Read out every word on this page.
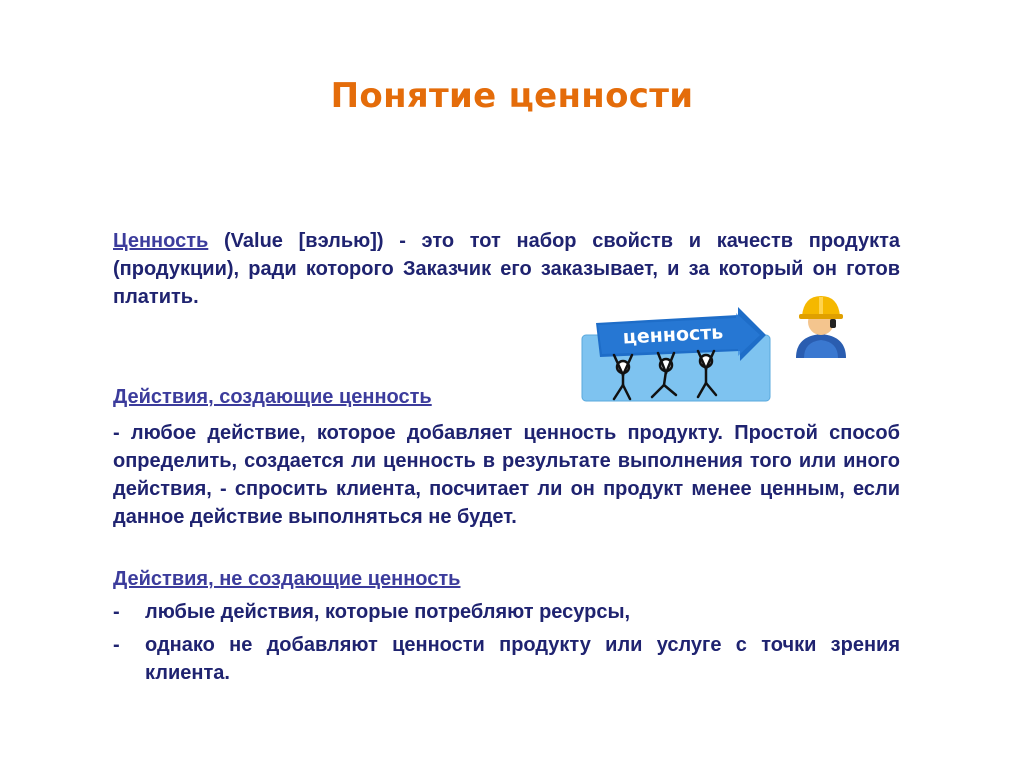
Понятие ценности
Ценность (Value [вэлью]) - это тот набор свойств и качеств продукта (продукции), ради которого Заказчик его заказывает, и за который он готов платить.
ценность
Действия, создающие ценность
- любое действие, которое добавляет ценность продукту. Простой способ определить, создается ли ценность в результате выполнения того или иного действия, - спросить клиента, посчитает ли он продукт менее ценным, если данное действие выполняться не будет.
Действия, не создающие ценность
-	любые действия, которые потребляют ресурсы,
-	однако не добавляют ценности продукту или услуге с точки зрения клиента.
